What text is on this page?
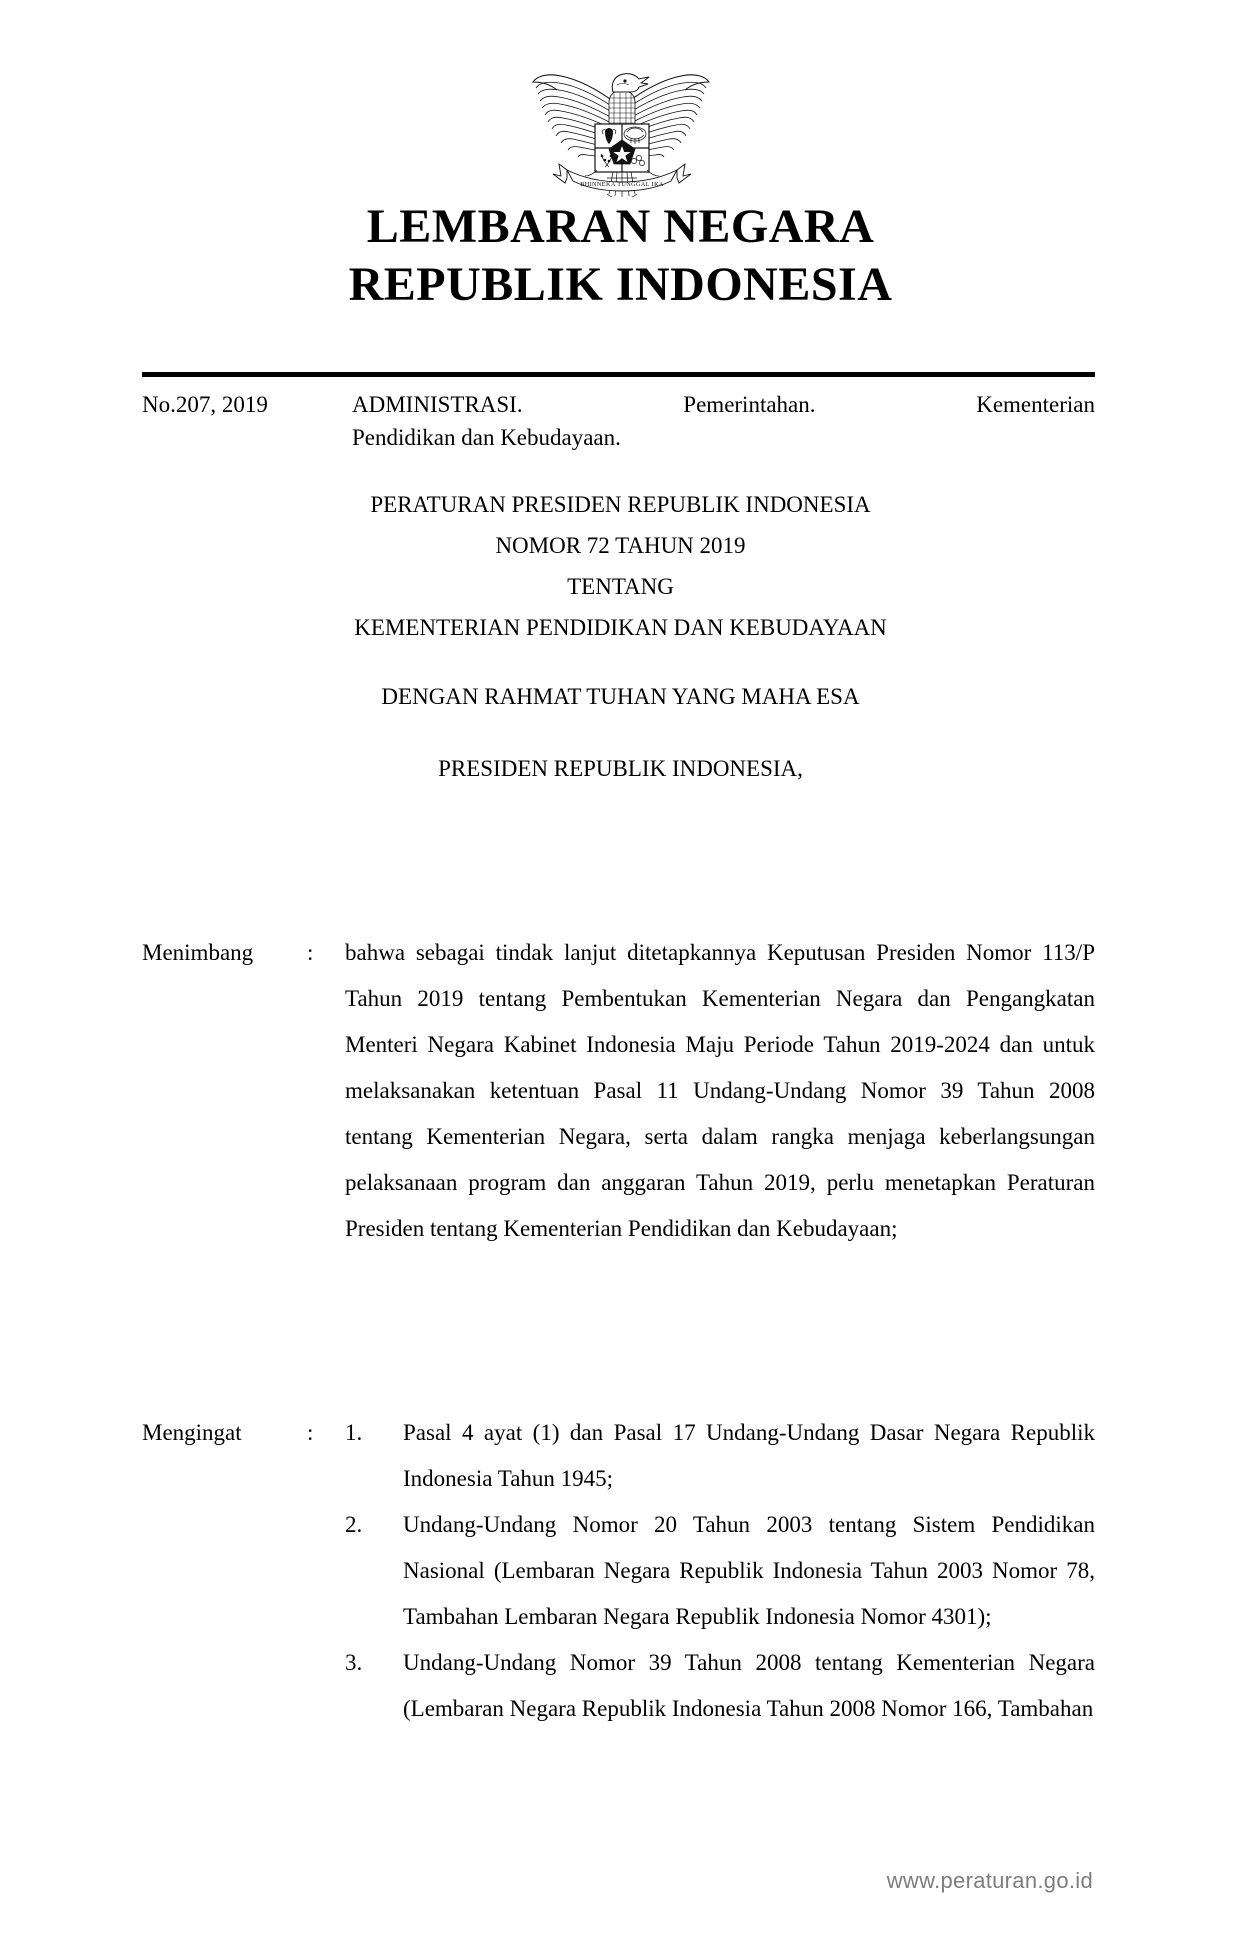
BHINNEKA TUNGGAL IKA
LEMBARAN NEGARA
REPUBLIK INDONESIA
No.207, 2019	ADMINISTRASI. Pemerintahan. Kementerian
Pendidikan dan Kebudayaan.
PERATURAN PRESIDEN REPUBLIK INDONESIA
NOMOR 72 TAHUN 2019
TENTANG
KEMENTERIAN PENDIDIKAN DAN KEBUDAYAAN
DENGAN RAHMAT TUHAN YANG MAHA ESA
PRESIDEN REPUBLIK INDONESIA,
Menimbang	:	bahwa sebagai tindak lanjut ditetapkannya Keputusan Presiden Nomor 113/P Tahun 2019 tentang Pembentukan Kementerian Negara dan Pengangkatan Menteri Negara Kabinet Indonesia Maju Periode Tahun 2019-2024 dan untuk melaksanakan ketentuan Pasal 11 Undang-Undang Nomor 39 Tahun 2008 tentang Kementerian Negara, serta dalam rangka menjaga keberlangsungan pelaksanaan program dan anggaran Tahun 2019, perlu menetapkan Peraturan Presiden tentang Kementerian Pendidikan dan Kebudayaan;
Mengingat	:	1.	Pasal 4 ayat (1) dan Pasal 17 Undang-Undang Dasar Negara Republik Indonesia Tahun 1945;
2.	Undang-Undang Nomor 20 Tahun 2003 tentang Sistem Pendidikan Nasional (Lembaran Negara Republik Indonesia Tahun 2003 Nomor 78, Tambahan Lembaran Negara Republik Indonesia Nomor 4301);
3.	Undang-Undang Nomor 39 Tahun 2008 tentang Kementerian Negara (Lembaran Negara Republik Indonesia Tahun 2008 Nomor 166, Tambahan
www.peraturan.go.id
